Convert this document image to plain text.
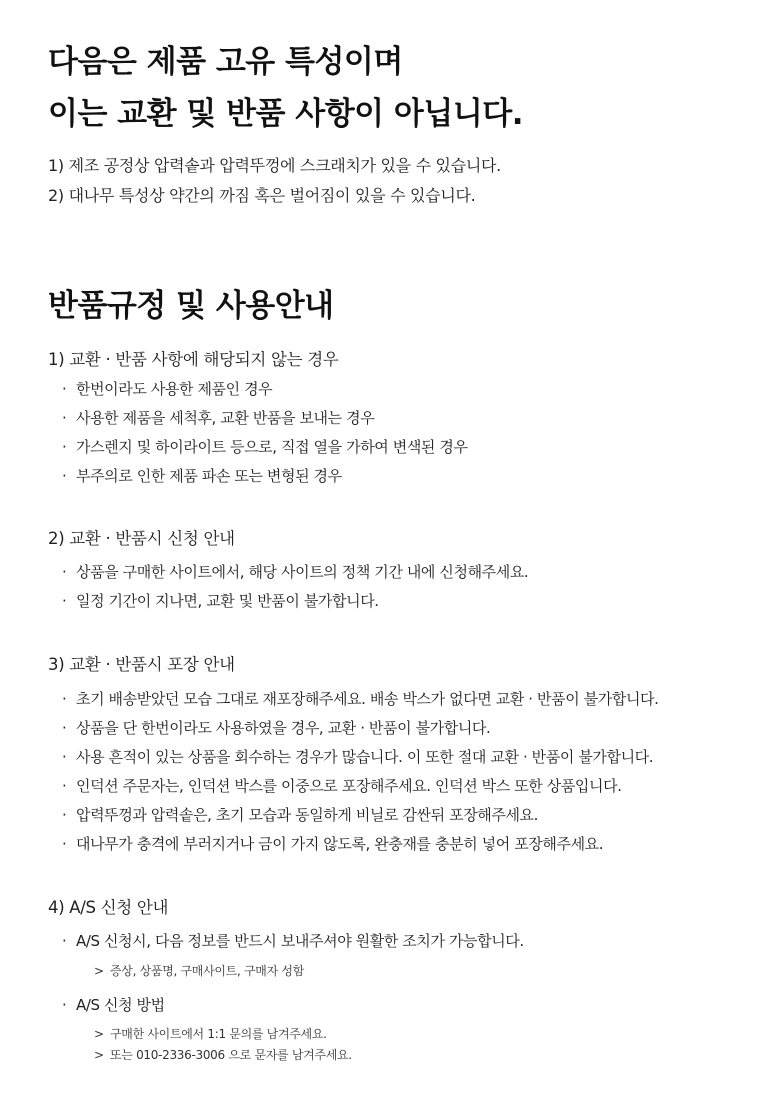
다음은 제품 고유 특성이며
이는 교환 및 반품 사항이 아닙니다.
1) 제조 공정상 압력솥과 압력뚜껑에 스크래치가 있을 수 있습니다.
2) 대나무 특성상 약간의 까짐 혹은 벌어짐이 있을 수 있습니다.
반품규정 및 사용안내
1) 교환 · 반품 사항에 해당되지 않는 경우
· 한번이라도 사용한 제품인 경우
· 사용한 제품을 세척후, 교환 반품을 보내는 경우
· 가스렌지 및 하이라이트 등으로, 직접 열을 가하여 변색된 경우
· 부주의로 인한 제품 파손 또는 변형된 경우
2) 교환 · 반품시 신청 안내
· 상품을 구매한 사이트에서, 해당 사이트의 정책 기간 내에 신청해주세요.
· 일정 기간이 지나면, 교환 및 반품이 불가합니다.
3) 교환 · 반품시 포장 안내
· 초기 배송받았던 모습 그대로 재포장해주세요. 배송 박스가 없다면 교환 · 반품이 불가합니다.
· 상품을 단 한번이라도 사용하였을 경우, 교환 · 반품이 불가합니다.
· 사용 흔적이 있는 상품을 회수하는 경우가 많습니다. 이 또한 절대 교환 · 반품이 불가합니다.
· 인덕션 주문자는, 인덕션 박스를 이중으로 포장해주세요. 인덕션 박스 또한 상품입니다.
· 압력뚜껑과 압력솥은, 초기 모습과 동일하게 비닐로 감싼뒤 포장해주세요.
· 대나무가 충격에 부러지거나 금이 가지 않도록, 완충재를 충분히 넣어 포장해주세요.
4) A/S 신청 안내
· A/S 신청시, 다음 정보를 반드시 보내주셔야 원활한 조치가 가능합니다.
> 증상, 상품명, 구매사이트, 구매자 성함
· A/S 신청 방법
> 구매한 사이트에서 1:1 문의를 남겨주세요.
> 또는 010-2336-3006 으로 문자를 남겨주세요.
